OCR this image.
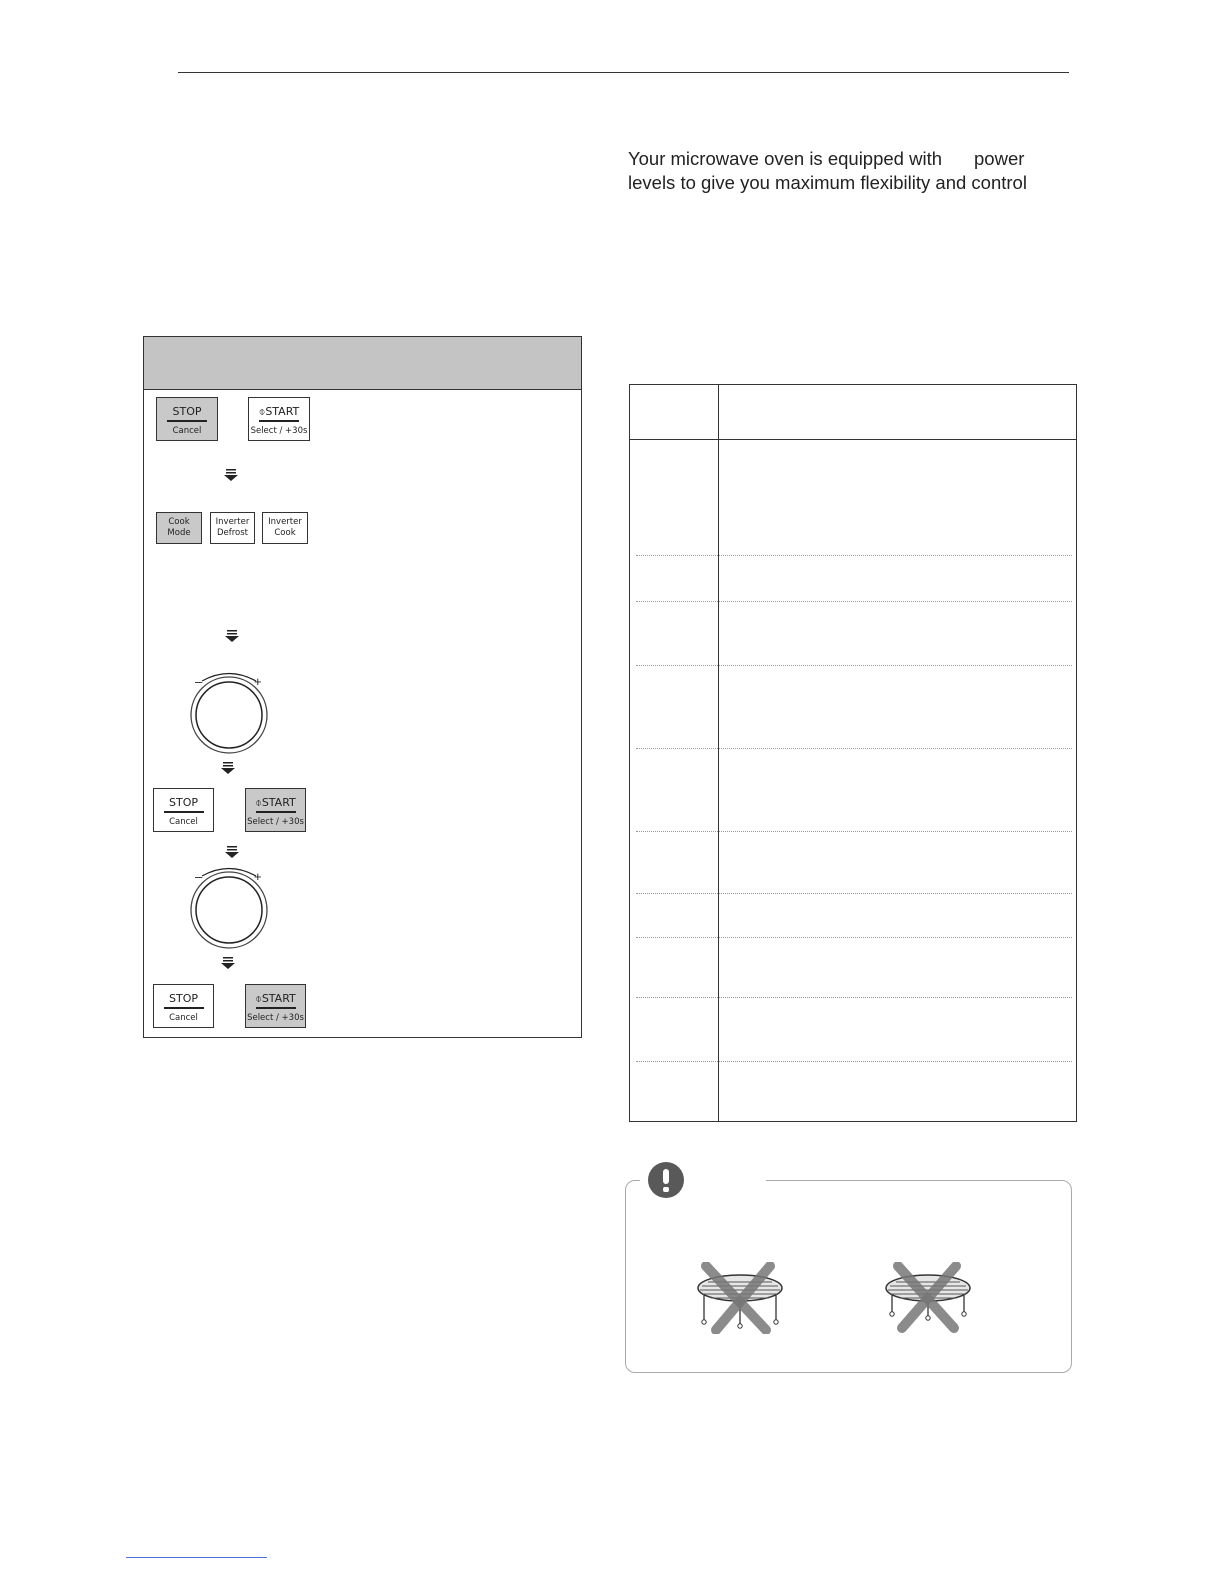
Your microwave oven is equipped with power
levels to give you maximum flexibility and control
STOP
Cancel
⌽START
Select / +30s
Cook
Mode
Inverter
Defrost
Inverter
Cook
–	+
STOP
Cancel
⌽START
Select / +30s
–	+
STOP
Cancel
⌽START
Select / +30s
